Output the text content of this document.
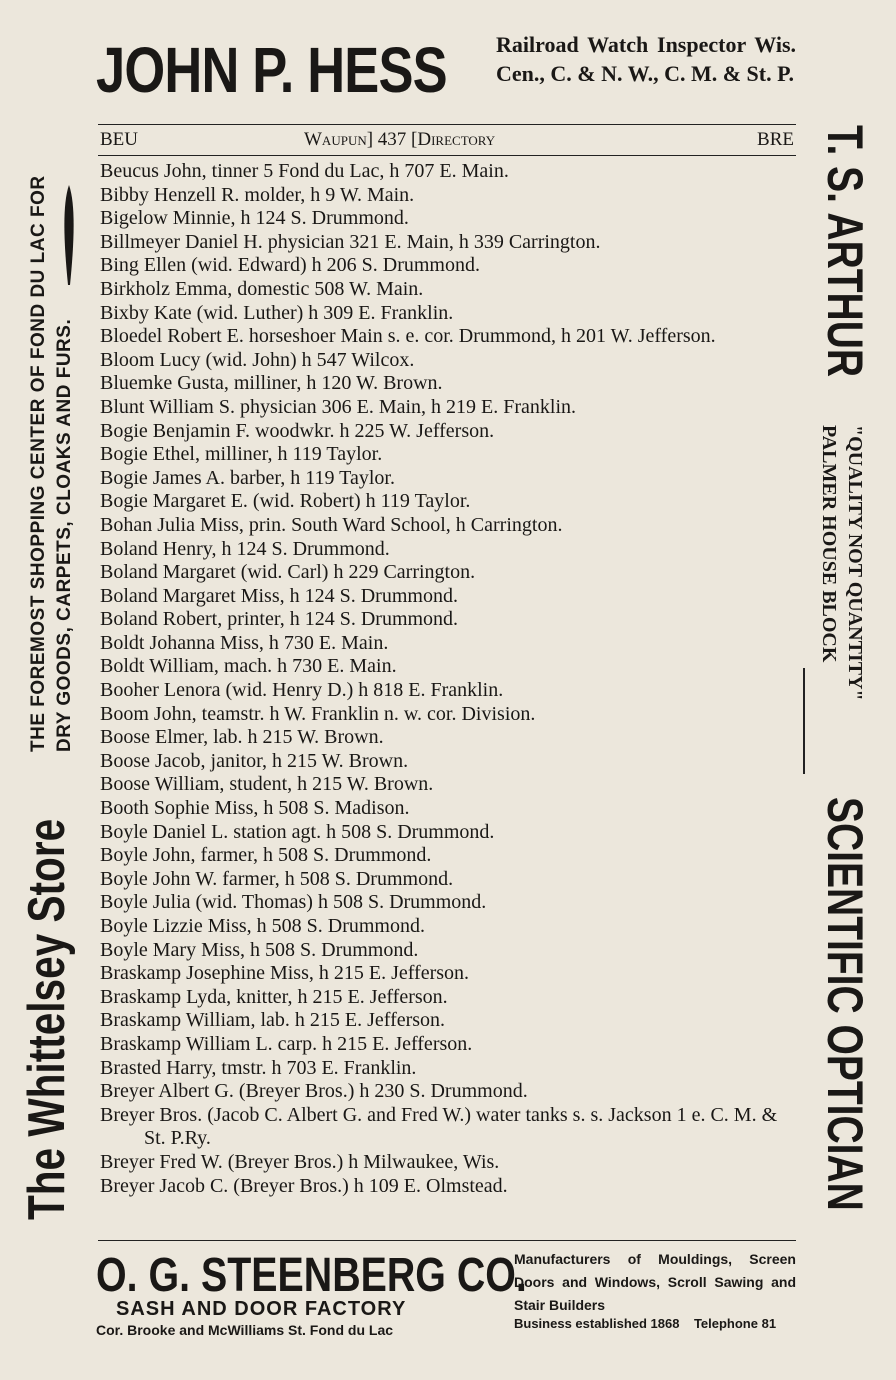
JOHN P. HESS Railroad Watch Inspector Wis. Cen., C. & N. W., C. M. & St. P.
BEU	Waupun] 437 [Directory	BRE

Beucus John, tinner 5 Fond du Lac, h 707 E. Main.

Bibby Henzell R. molder, h 9 W. Main.

Bigelow Minnie, h 124 S. Drummond.

Billmeyer Daniel H. physician 321 E. Main, h 339 Carrington.

Bing Ellen (wid. Edward) h 206 S. Drummond.

Birkholz Emma, domestic 508 W. Main.

Bixby Kate (wid. Luther) h 309 E. Franklin.

Bloedel Robert E. horseshoer Main s. e. cor. Drummond, h 201 W. Jefferson.

Bloom Lucy (wid. John) h 547 Wilcox.

Bluemke Gusta, milliner, h 120 W. Brown.

Blunt William S. physician 306 E. Main, h 219 E. Franklin.

Bogie Benjamin F. woodwkr. h 225 W. Jefferson.

Bogie Ethel, milliner, h 119 Taylor.

Bogie James A. barber, h 119 Taylor.

Bogie Margaret E. (wid. Robert) h 119 Taylor.

Bohan Julia Miss, prin. South Ward School, h Carrington.

Boland Henry, h 124 S. Drummond.

Boland Margaret (wid. Carl) h 229 Carrington.

Boland Margaret Miss, h 124 S. Drummond.

Boland Robert, printer, h 124 S. Drummond.

Boldt Johanna Miss, h 730 E. Main.

Boldt William, mach. h 730 E. Main.

Booher Lenora (wid. Henry D.) h 818 E. Franklin.

Boom John, teamstr. h W. Franklin n. w. cor. Division.

Boose Elmer, lab. h 215 W. Brown.

Boose Jacob, janitor, h 215 W. Brown.

Boose William, student, h 215 W. Brown.

Booth Sophie Miss, h 508 S. Madison.

Boyle Daniel L. station agt. h 508 S. Drummond.

Boyle John, farmer, h 508 S. Drummond.

Boyle John W. farmer, h 508 S. Drummond.

Boyle Julia (wid. Thomas) h 508 S. Drummond.

Boyle Lizzie Miss, h 508 S. Drummond.

Boyle Mary Miss, h 508 S. Drummond.

Braskamp Josephine Miss, h 215 E. Jefferson.

Braskamp Lyda, knitter, h 215 E. Jefferson.

Braskamp William, lab. h 215 E. Jefferson.

Braskamp William L. carp. h 215 E. Jefferson.

Brasted Harry, tmstr. h 703 E. Franklin.

Breyer Albert G. (Breyer Bros.) h 230 S. Drummond.

Breyer Bros. (Jacob C. Albert G. and Fred W.) water tanks s. s. Jackson 1 e. C. M. & St. P.Ry.

Breyer Fred W. (Breyer Bros.) h Milwaukee, Wis.

Breyer Jacob C. (Breyer Bros.) h 109 E. Olmstead.

The Whittelsey Store
THE FOREMOST SHOPPING CENTER OF FOND DU LAC FOR DRY GOODS, CARPETS, CLOAKS AND FURS.
T. S. ARTHUR
"QUALITY NOT QUANTITY"
PALMER HOUSE BLOCK
SCIENTIFIC OPTICIAN
O. G. STEENBERG CO.
SASH AND DOOR FACTORY
Cor. Brooke and McWilliams St. Fond du Lac
Manufacturers of Mouldings, Screen Doors and Windows, Scroll Sawing and Stair Builders
Business established 1868 Telephone 81
